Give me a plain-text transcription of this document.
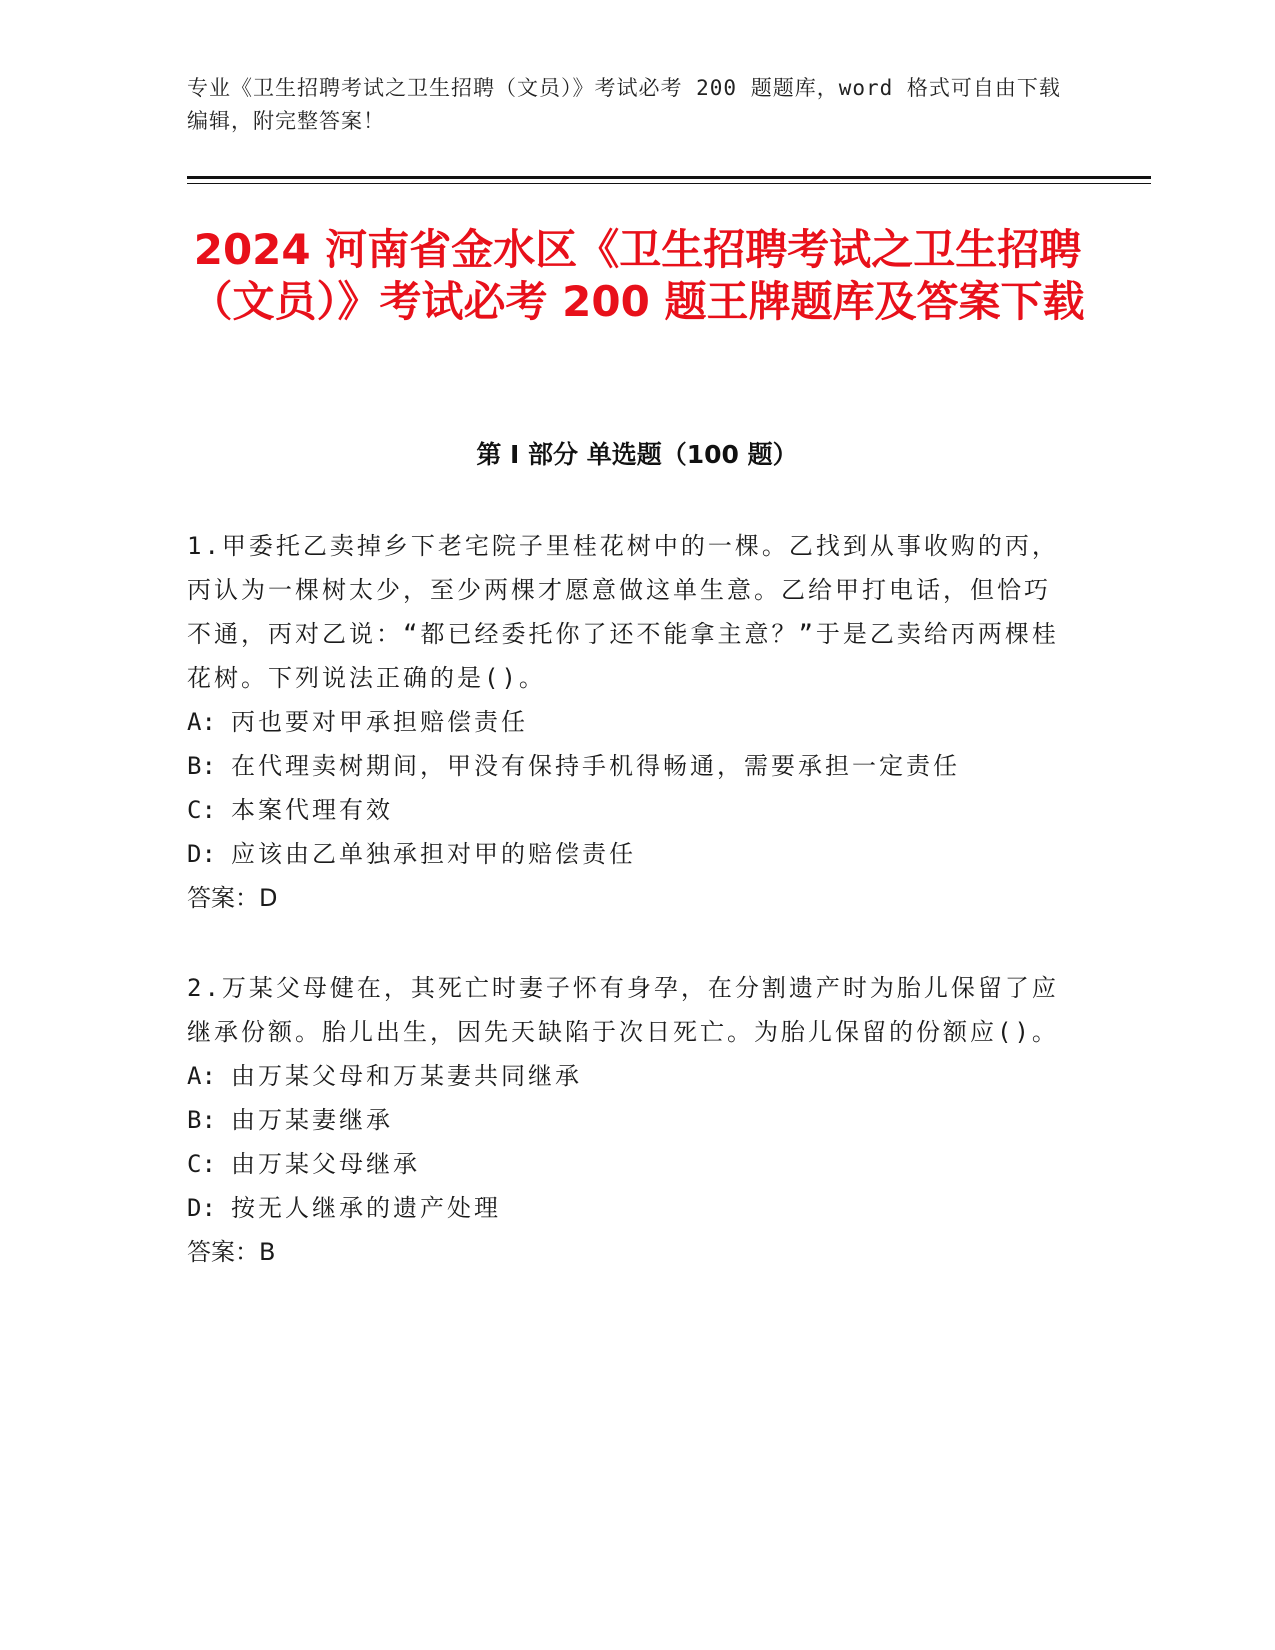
专业《卫生招聘考试之卫生招聘（文员）》考试必考 200 题题库，word 格式可自由下载编辑，附完整答案！
2024 河南省金水区《卫生招聘考试之卫生招聘（文员）》考试必考 200 题王牌题库及答案下载
第 I 部分 单选题（100 题）

1.甲委托乙卖掉乡下老宅院子里桂花树中的一棵。乙找到从事收购的丙，丙认为一棵树太少，至少两棵才愿意做这单生意。乙给甲打电话，但恰巧不通，丙对乙说：“都已经委托你了还不能拿主意？”于是乙卖给丙两棵桂花树。下列说法正确的是()。

A: 丙也要对甲承担赔偿责任

B: 在代理卖树期间，甲没有保持手机得畅通，需要承担一定责任

C: 本案代理有效

D: 应该由乙单独承担对甲的赔偿责任

答案：D

2.万某父母健在，其死亡时妻子怀有身孕，在分割遗产时为胎儿保留了应继承份额。胎儿出生，因先天缺陷于次日死亡。为胎儿保留的份额应()。

A: 由万某父母和万某妻共同继承

B: 由万某妻继承

C: 由万某父母继承

D: 按无人继承的遗产处理

答案：B
